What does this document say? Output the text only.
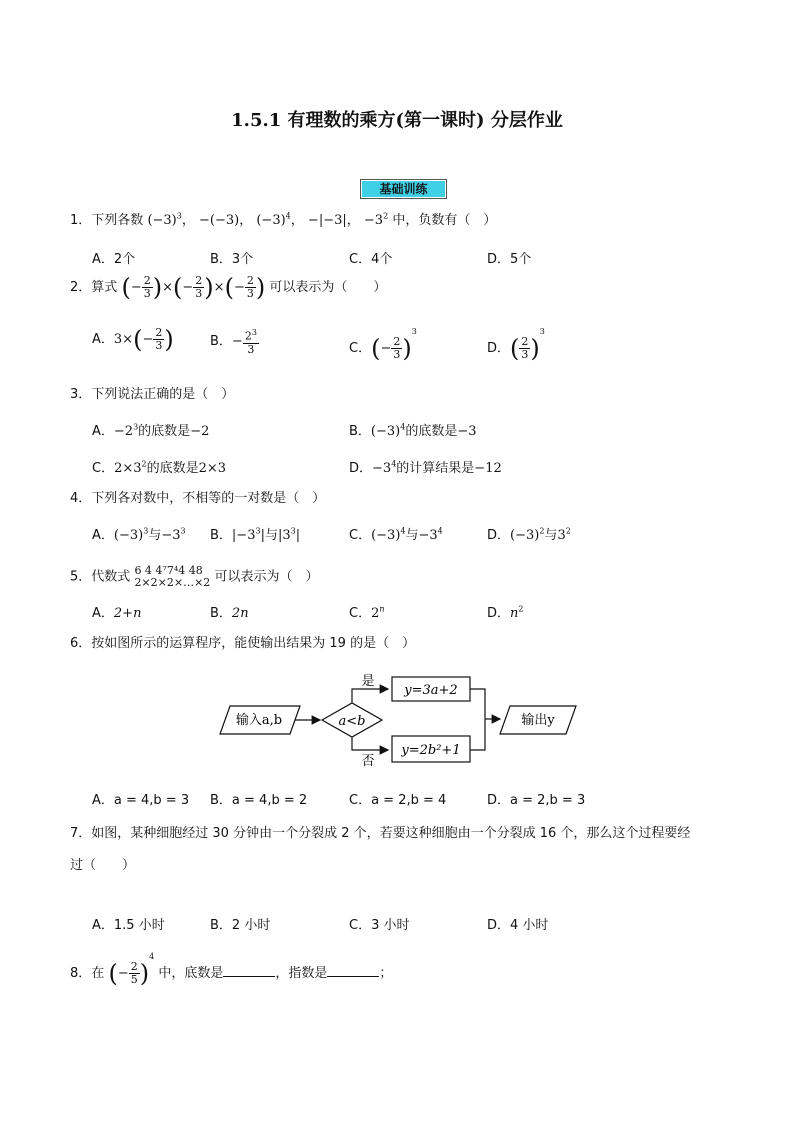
1.5.1 有理数的乘方(第一课时) 分层作业
基础训练
1．下列各数 $(-3)^3$， −(−3)， $(-3)^4$， −|−3|， $-3^2$ 中，负数有（　）
A．2个	B．3个	C．4个	D．5个
2．算式 (− $\frac{2}{3}$ )×(− $\frac{2}{3}$ )×(− $\frac{2}{3}$ ) 可以表示为（　　）
A．$3\times(- \frac{2}{3}$ )	B．− $\frac{2^3}{3}$	C．(− $\frac{2}{3} )^3$
D．( $\frac{2}{3} )^3$
3．下列说法正确的是（　）
A．$-2^3$的底数是−2	B．$(-3)^4$的底数是−3
C．$2\times 3^2$的底数是2×3	D．$-3^4$的计算结果是−12
4．下列各对数中，不相等的一对数是（　）
A．$(-3)^3$与$-3^3$ B．$|-3^3|$与$|3^3|$	C．$(-3)^4$与$-3^4$	D．$(-3)^2$与$3^2$
5．代数式 6 4 4⁷7⁴4 48
2×2×2×…×2 可以表示为（　）
A．2+n	B．2n	C．2$^n$	D．$n^2$
6．按如图所示的运算程序，能使输出结果为 19 的是（　）
输入a,b	a<b
是
否
y=3a+2
y=2b²+1
输出y
A．a = 4,b = 3 B．a = 4,b = 2	C．a = 2,b = 4	D．a = 2,b = 3
7．如图，某种细胞经过 30 分钟由一个分裂成 2 个，若要这种细胞由一个分裂成 16 个，那么这个过程要经
过（　　）
A．1.5 小时	B．2 小时	C．3 小时	D．4 小时
8．在 (− $\frac{2}{5} )^4$ 中，底数是	，指数是	；
